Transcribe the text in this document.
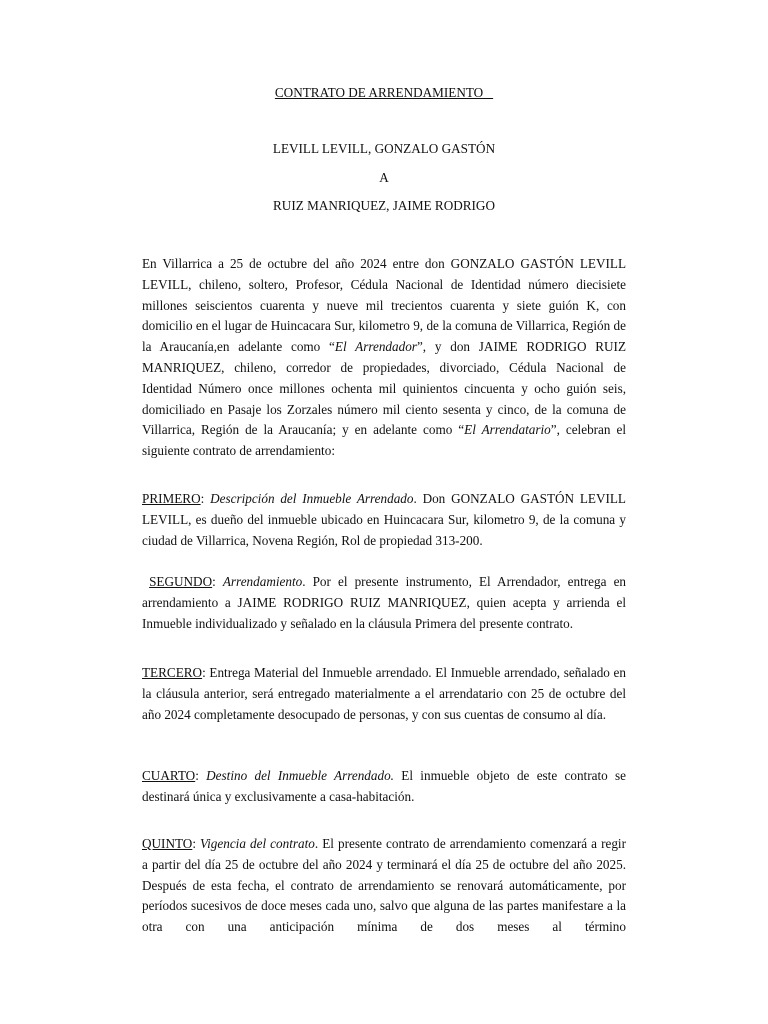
CONTRATO DE ARRENDAMIENTO
LEVILL LEVILL, GONZALO GASTÓN
A
RUIZ MANRIQUEZ, JAIME RODRIGO

En Villarrica a 25 de octubre del año 2024 entre don GONZALO GASTÓN LEVILL LEVILL, chileno, soltero, Profesor, Cédula Nacional de Identidad número diecisiete millones seiscientos cuarenta y nueve mil trecientos cuarenta y siete guión K, con domicilio en el lugar de Huincacara Sur, kilometro 9, de la comuna de Villarrica, Región de la Araucanía,en adelante como “El Arrendador”, y don JAIME RODRIGO RUIZ MANRIQUEZ, chileno, corredor de propiedades, divorciado, Cédula Nacional de Identidad Número once millones ochenta mil quinientos cincuenta y ocho guión seis, domiciliado en Pasaje los Zorzales número mil ciento sesenta y cinco, de la comuna de Villarrica, Región de la Araucanía; y en adelante como “El Arrendatario”, celebran el siguiente contrato de arrendamiento:

PRIMERO: Descripción del Inmueble Arrendado. Don GONZALO GASTÓN LEVILL LEVILL, es dueño del inmueble ubicado en Huincacara Sur, kilometro 9, de la comuna y ciudad de Villarrica, Novena Región, Rol de propiedad 313-200.

SEGUNDO: Arrendamiento. Por el presente instrumento, El Arrendador, entrega en arrendamiento a JAIME RODRIGO RUIZ MANRIQUEZ, quien acepta y arrienda el Inmueble individualizado y señalado en la cláusula Primera del presente contrato.

TERCERO: Entrega Material del Inmueble arrendado. El Inmueble arrendado, señalado en la cláusula anterior, será entregado materialmente a el arrendatario con 25 de octubre del año 2024 completamente desocupado de personas, y con sus cuentas de consumo al día.

CUARTO: Destino del Inmueble Arrendado. El inmueble objeto de este contrato se destinará única y exclusivamente a casa-habitación.

QUINTO: Vigencia del contrato. El presente contrato de arrendamiento comenzará a regir a partir del día 25 de octubre del año 2024 y terminará el día 25 de octubre del año 2025. Después de esta fecha, el contrato de arrendamiento se renovará automáticamente, por períodos sucesivos de doce meses cada uno, salvo que alguna de las partes manifestare a la otra con una anticipación mínima de dos meses al término
